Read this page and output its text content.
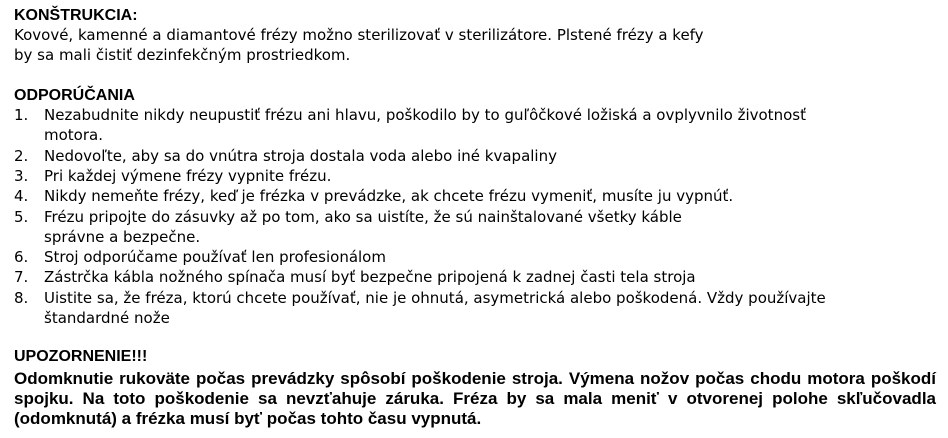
KONŠTRUKCIA:
Kovové, kamenné a diamantové frézy možno sterilizovať v sterilizátore. Plstené frézy a kefy
by sa mali čistiť dezinfekčným prostriedkom.
ODPORÚČANIA
1.	Nezabudnite nikdy neupustiť frézu ani hlavu, poškodilo by to guľôčkové ložiská a ovplyvnilo životnosť
motora.
2.	Nedovoľte, aby sa do vnútra stroja dostala voda alebo iné kvapaliny
3.	Pri každej výmene frézy vypnite frézu.
4.	Nikdy nemeňte frézy, keď je frézka v prevádzke, ak chcete frézu vymeniť, musíte ju vypnúť.
5.	Frézu pripojte do zásuvky až po tom, ako sa uistíte, že sú nainštalované všetky káble
správne a bezpečne.
6.	Stroj odporúčame používať len profesionálom
7.	Zástrčka kábla nožného spínača musí byť bezpečne pripojená k zadnej časti tela stroja
8.	Uistite sa, že fréza, ktorú chcete používať, nie je ohnutá, asymetrická alebo poškodená. Vždy používajte
štandardné nože
UPOZORNENIE!!!
Odomknutie rukoväte počas prevádzky spôsobí poškodenie stroja. Výmena nožov počas chodu motora poškodí spojku. Na toto poškodenie sa nevzťahuje záruka. Fréza by sa mala meniť v otvorenej polohe skľučovadla (odomknutá) a frézka musí byť počas tohto času vypnutá.
